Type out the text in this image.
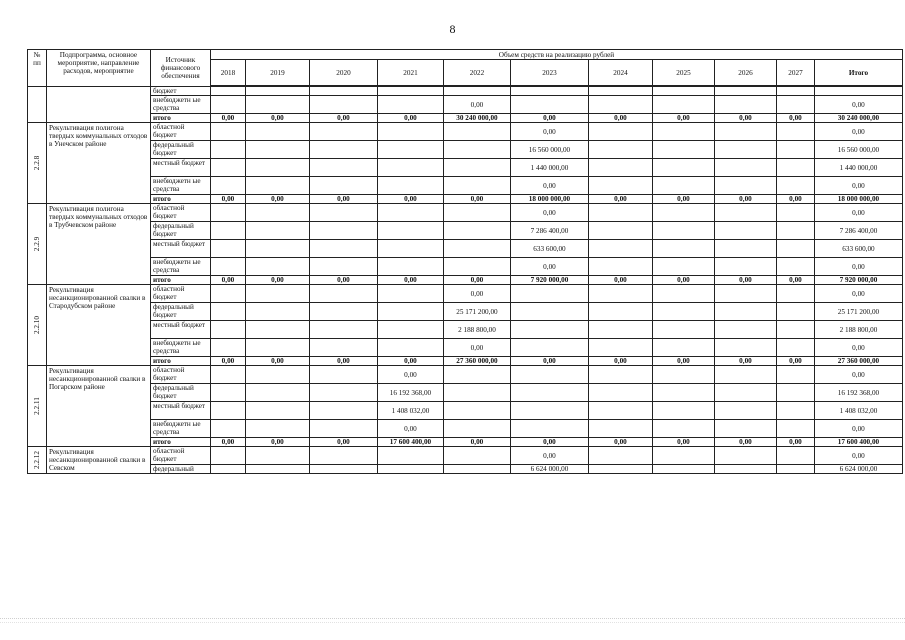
8
№ пп	Подпрограмма, основное мероприятие, направление расходов, мероприятие	Источник финансового обеспечения	Объем средств на реализацию рублей										
			2018	2019	2020	2021	2022	2023	2024	2025	2026	2027	Итого

		бюджет											
		внебюджетн ые средства					0,00						0,00
		итого	0,00	0,00	0,00	0,00	30 240 000,00	0,00	0,00	0,00	0,00	0,00	30 240 000,00
2.2.8	Рекультивация полигона твердых коммунальных отходов в Унечском районе	областной бюджет						0,00					0,00
		федеральный бюджет						16 560 000,00					16 560 000,00
		местный бюджет						1 440 000,00					1 440 000,00
		внебюджетн ые средства						0,00					0,00
		итого	0,00	0,00	0,00	0,00	0,00	18 000 000,00	0,00	0,00	0,00	0,00	18 000 000,00
2.2.9	Рекультивация полигона твердых коммунальных отходов в Трубчевском районе	областной бюджет						0,00					0,00
		федеральный бюджет						7 286 400,00					7 286 400,00
		местный бюджет						633 600,00					633 600,00
		внебюджетн ые средства						0,00					0,00
		итого	0,00	0,00	0,00	0,00	0,00	7 920 000,00	0,00	0,00	0,00	0,00	7 920 000,00
2.2.10	Рекультивация несанкционированной свалки в Стародубском районе	областной бюджет					0,00						0,00
		федеральный бюджет					25 171 200,00						25 171 200,00
		местный бюджет					2 188 800,00						2 188 800,00
		внебюджетн ые средства					0,00						0,00
		итого	0,00	0,00	0,00	0,00	27 360 000,00	0,00	0,00	0,00	0,00	0,00	27 360 000,00
2.2.11	Рекультивация несанкционированной свалки в Погарском районе	областной бюджет				0,00							0,00
		федеральный бюджет				16 192 368,00							16 192 368,00
		местный бюджет				1 408 032,00							1 408 032,00
		внебюджетн ые средства				0,00							0,00
		итого	0,00	0,00	0,00	17 600 400,00	0,00	0,00	0,00	0,00	0,00	0,00	17 600 400,00
2.2.12	Рекультивация несанкционированной свалки в Севском	областной бюджет						0,00					0,00
		федеральный						6 624 000,00					6 624 000,00
